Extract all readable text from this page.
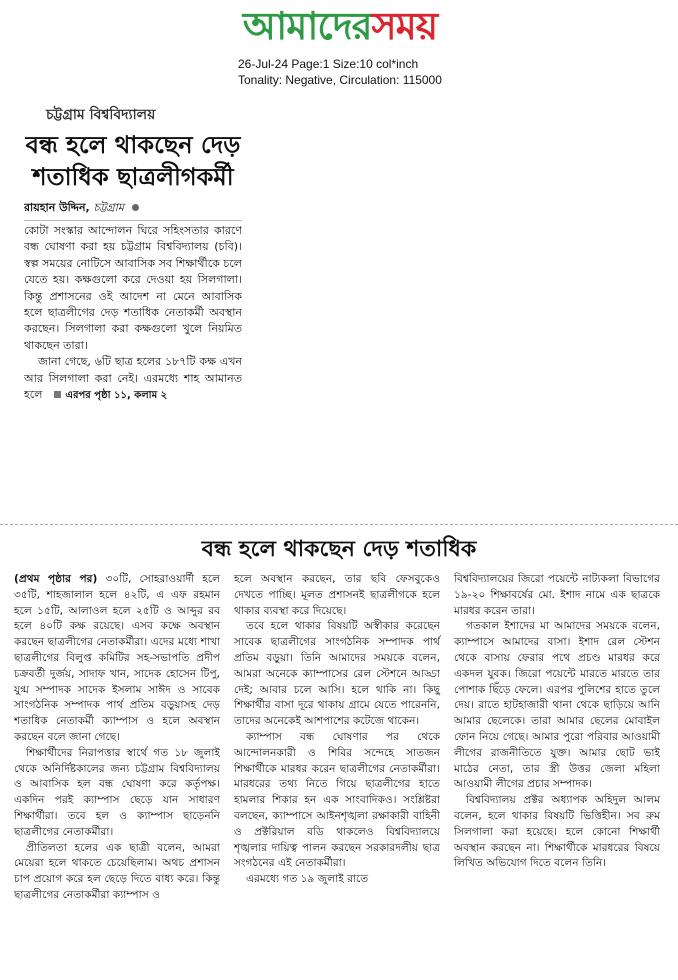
আমাদেরসময়
26-Jul-24 Page:1 Size:10 col*inch
Tonality: Negative, Circulation: 115000
চট্টগ্রাম বিশ্ববিদ্যালয়
বন্ধ হলে থাকছেন দেড় শতাধিক ছাত্রলীগকর্মী
রায়হান উদ্দিন, চট্টগ্রাম

কোটা সংস্কার আন্দোলন ঘিরে সহিংসতার কারণে বন্ধ ঘোষণা করা হয় চট্টগ্রাম বিশ্ববিদ্যালয় (চবি)। স্বল্প সময়ের নোটিসে আবাসিক সব শিক্ষার্থীকে চলে যেতে হয়। কক্ষগুলো করে দেওয়া হয় সিলগালা। কিন্তু প্রশাসনের ওই আদেশ না মেনে আবাসিক হলে ছাত্রলীগের দেড় শতাধিক নেতাকর্মী অবস্থান করছেন। সিলগালা করা কক্ষগুলো খুলে নিয়মিত থাকছেন তারা।

জানা গেছে, ৬টি ছাত্র হলের ১৮৭টি কক্ষ এখন আর সিলগালা করা নেই। এরমধ্যে শাহ আমানত হলে এরপর পৃষ্ঠা ১১, কলাম ২

বন্ধ হলে থাকছেন দেড় শতাধিক

(প্রথম পৃষ্ঠার পর) ৩০টি, সোহরাওয়ার্দী হলে ৩৫টি, শাহজালাল হলে ৪২টি, এ এফ রহমান হলে ১৫টি, আলাওল হলে ২৫টি ও আব্দুর রব হলে ৪০টি কক্ষ রয়েছে। এসব কক্ষে অবস্থান করছেন ছাত্রলীগের নেতাকর্মীরা। এদের মধ্যে শাখা ছাত্রলীগের বিলুপ্ত কমিটির সহ-সভাপতি প্রদীপ চক্রবর্তী দুর্জয়, সাদাফ খান, সাদেক হোসেন টিপু, যুগ্ম সম্পাদক সাদেক ইসলাম সাঈদ ও সাবেক সাংগঠনিক সম্পাদক পার্থ প্রতিম বড়ুয়াসহ দেড় শতাধিক নেতাকর্মী ক্যাম্পাস ও হলে অবস্থান করছেন বলে জানা গেছে।

শিক্ষার্থীদের নিরাপত্তার স্বার্থে গত ১৮ জুলাই থেকে অনির্দিষ্টকালের জন্য চট্টগ্রাম বিশ্ববিদ্যালয় ও আবাসিক হল বন্ধ ঘোষণা করে কর্তৃপক্ষ। একদিন পরই ক্যাম্পাস ছেড়ে যান সাধারণ শিক্ষার্থীরা। তবে হল ও ক্যাম্পাস ছাড়েননি ছাত্রলীগের নেতাকর্মীরা।

প্রীতিলতা হলের এক ছাত্রী বলেন, আমরা মেয়েরা হলে থাকতে চেয়েছিলাম। অথচ প্রশাসন চাপ প্রয়োগ করে হল ছেড়ে দিতে বাধ্য করে। কিন্তু ছাত্রলীগের নেতাকর্মীরা ক্যাম্পাস ও

হলে অবস্থান করছেন, তার ছবি ফেসবুকেও দেখতে পাচ্ছি। মূলত প্রশাসনই ছাত্রলীগকে হলে থাকার ব্যবস্থা করে দিয়েছে।

তবে হলে থাকার বিষয়টি অস্বীকার করেছেন সাবেক ছাত্রলীগের সাংগঠনিক সম্পাদক পার্থ প্রতিম বড়ুয়া। তিনি আমাদের সময়কে বলেন, আমরা অনেকে ক্যাম্পাসের রেল স্টেশনে আড্ডা দেই; আবার চলে আসি। হলে থাকি না। কিছু শিক্ষার্থীর বাসা দূরে থাকায় গ্রামে যেতে পারেননি, তাদের অনেকেই আশপাশের কটেজে থাকেন।

ক্যাম্পাস বন্ধ ঘোষণার পর থেকে আন্দোলনকারী ও শিবির সন্দেহে সাতজন শিক্ষার্থীকে মারধর করেন ছাত্রলীগের নেতাকর্মীরা। মারধরের তথ্য নিতে গিয়ে ছাত্রলীগের হাতে হামলার শিকার হন এক সাংবাদিকও। সংশ্লিষ্টরা বলছেন, ক্যাম্পাসে আইনশৃঙ্খলা রক্ষাকারী বাহিনী ও প্রক্টরিয়াল বডি থাকলেও বিশ্ববিদ্যালয়ে শৃঙ্খলার দায়িত্ব পালন করছেন সরকারদলীয় ছাত্র সংগঠনের এই নেতাকর্মীরা।

এরমধ্যে গত ১৯ জুলাই রাতে

বিশ্ববিদ্যালয়ের জিরো পয়েন্টে নাট্যকলা বিভাগের ১৯-২০ শিক্ষাবর্ষের মো. ইশাদ নামে এক ছাত্রকে মারধর করেন তারা।

গতকাল ইশাদের মা আমাদের সময়কে বলেন, ক্যাম্পাসে আমাদের বাসা। ইশাদ রেল স্টেশন থেকে বাসায় ফেরার পথে প্রচণ্ড মারধর করে একদল যুবক। জিরো পয়েন্টে মারতে মারতে তার পোশাক ছিঁড়ে ফেলে। এরপর পুলিশের হাতে তুলে দেয়। রাতে হাটহাজারী থানা থেকে ছাড়িয়ে আনি আমার ছেলেকে। তারা আমার ছেলের মোবাইল ফোন নিয়ে গেছে। আমার পুরো পরিবার আওয়ামী লীগের রাজনীতিতে যুক্ত। আমার ছোট ভাই মাঠের নেতা, তার স্ত্রী উত্তর জেলা মহিলা আওয়ামী লীগের প্রচার সম্পাদক।

বিশ্ববিদ্যালয় প্রক্টর অধ্যাপক অহিদুল আলম বলেন, হলে থাকার বিষয়টি ভিত্তিহীন। সব রুম সিলগালা করা হয়েছে। হলে কোনো শিক্ষার্থী অবস্থান করছেন না। শিক্ষার্থীকে মারধরের বিষয়ে লিখিত অভিযোগ দিতে বলেন তিনি।
